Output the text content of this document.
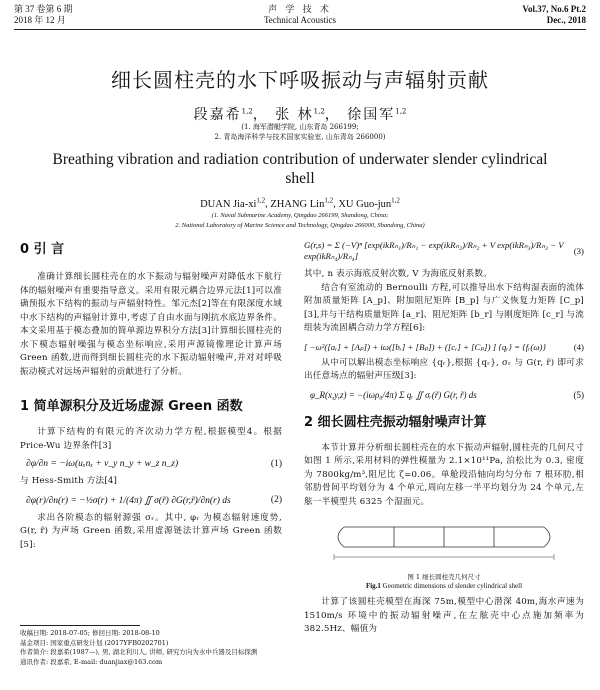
第 37 卷第 6 期
2018 年 12 月
声 学 技 术
Technical Acoustics
Vol.37, No.6 Pt.2
Dec., 2018
细长圆柱壳的水下呼吸振动与声辐射贡献
段嘉希$^{1,2}$， 张 林$^{1,2}$， 徐国军$^{1,2}$
(1. 海军潜艇学院, 山东青岛 266199;
2. 青岛海洋科学与技术国家实验室, 山东青岛 266000)
Breathing vibration and radiation contribution of underwater slender cylindrical shell
DUAN Jia-xi$^{1,2}$, ZHANG Lin$^{1,2}$, XU Guo-jun$^{1,2}$
(1. Naval Submarine Academy, Qingdao 266199, Shandong, China;
2. National Laboratory of Marine Science and Technology, Qingdao 266000, Shandong, China)
0 引 言

准确计算细长圆柱壳在的水下振动与辐射噪声对降低水下航行体的辐射噪声有重要指导意义。采用有限元耦合边界元法[1]可以准确预报水下结构的振动与声辐射特性。邹元杰[2]等在有限深度水域中水下结构的声辐射计算中,考虑了自由水面与刚抗水底边界条件。本文采用基于模态叠加的简单源边界积分方法[3]计算细长圆柱壳的水下模态辐射噪强与模态坐标响应,采用声源镜像理论计算声场Green 函数,进而得到细长圆柱壳的水下振动辐射噪声,并对对呼吸振动模式对远场声辐射的贡献进行了分析。

1 简单源积分及近场虚源 Green 函数

计算下结构的有限元的齐次动力学方程,根据模型4。根据 Price-Wu 边界条件[3]

∂φ/∂n = −iω(uₓnₓ + v_y n_y + w_z n_z)	(1)

与 Hess-Smith 方法[4]

∂φ(r)/∂n(r) = −½σ(r) + 1/(4π) ∬ σ(r̃) ∂G(r,r̃)/∂n(r) ds	(2)

求出各阶模态的辐射源强 σᵣ。其中, φᵣ 为模态辐射速度势, G(r, r̃) 为声场 Green 函数,采用虚源链法计算声场 Green 函数[5]:

G(r,s) = Σ (−V)ⁿ [exp(ikRₙ₁)/Rₙ₁ − exp(ikRₙ₂)/Rₙ₂ + V exp(ikRₙ₃)/Rₙ₃ − V exp(ikRₙ₄)/Rₙ₄]	(3)

其中, n 表示海底反射次数, V 为海底反射系数。

结合有室流动的 Bernoulli 方程,可以推导出水下结构湿表面的流体附加质量矩阵 [A_p]、附加阻尼矩阵 [B_p] 与广义恢复力矩阵 [C_p][3],并与干结构质量矩阵 [a_r]、阻尼矩阵 [b_r] 与刚度矩阵 [c_r] 与流组装为流固耦合动力学方程[6]:

[ −ω²([aᵣ] + [Aₚ]) + iω([bᵣ] + [Bₚ]) + ([cᵣ] + [Cₚ]) ] {qᵣ} = {fᵣ(ω)}	(4)

从中可以解出模态坐标响应 {qᵣ},根据 {qᵣ}, σᵣ 与 G(r, r̃) 即可求出任意场点的辐射声压级[3]:

φ_R(x,y,z) = −(iωρ₀/4π) Σ qᵣ ∬ σᵣ(r̃) G(r, r̃) ds	(5)
2 细长圆柱壳振动辐射噪声计算

本节计算并分析细长圆柱壳在的水下振动声辐射,圆柱壳的几何尺寸如图 1 所示,采用材料的弹性模量为 2.1×10¹¹Pa, 泊松比为 0.3, 密度为 7800kg/m³,阻尼比 ζ=0.06。单舱段沿轴向均匀分布 7 根环肋,相邻肋骨间平均划分为 4 个单元,周向左移一半平均划分为 24 个单元,左舷一半模型共 6325 个湿面元。

图 1 细长圆柱壳几何尺寸
Fig.1 Geometric dimensions of slender cylindrical shell

计算了该圆柱壳模型在海深 75m,模型中心潜深 40m,海水声速为 1510m/s 环境中的振动辐射噪声,在左舷壳中心点施加频率为 382.5Hz、幅值为

收稿日期: 2018-07-05; 修回日期: 2018-08-10
基金项目: 国家重点研发计划 (2017YFB0202701)
作者简介: 段嘉希(1987—), 男, 湖北利川人, 讲师, 研究方向为水中兵器及目标探测
通讯作者: 段嘉希, E-mail: duanjiax@163.com
